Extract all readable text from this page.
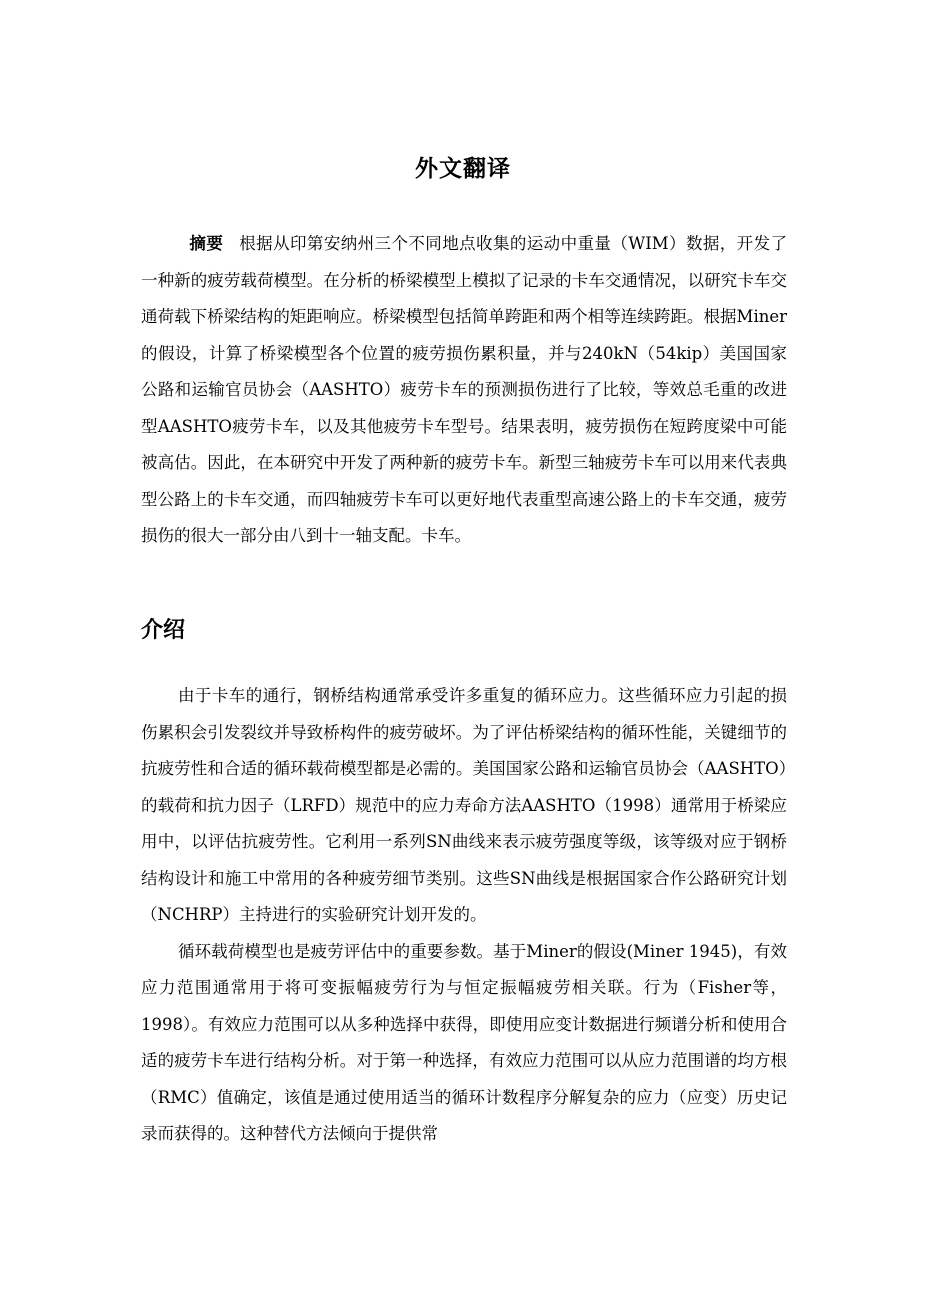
外文翻译
摘要 根据从印第安纳州三个不同地点收集的运动中重量（WIM）数据，开发了一种新的疲劳载荷模型。在分析的桥梁模型上模拟了记录的卡车交通情况，以研究卡车交通荷载下桥梁结构的矩距响应。桥梁模型包括简单跨距和两个相等连续跨距。根据Miner的假设，计算了桥梁模型各个位置的疲劳损伤累积量，并与240kN（54kip）美国国家公路和运输官员协会（AASHTO）疲劳卡车的预测损伤进行了比较，等效总毛重的改进型AASHTO疲劳卡车，以及其他疲劳卡车型号。结果表明，疲劳损伤在短跨度梁中可能被高估。因此，在本研究中开发了两种新的疲劳卡车。新型三轴疲劳卡车可以用来代表典型公路上的卡车交通，而四轴疲劳卡车可以更好地代表重型高速公路上的卡车交通，疲劳损伤的很大一部分由八到十一轴支配。卡车。
介绍

由于卡车的通行，钢桥结构通常承受许多重复的循环应力。这些循环应力引起的损伤累积会引发裂纹并导致桥构件的疲劳破坏。为了评估桥梁结构的循环性能，关键细节的抗疲劳性和合适的循环载荷模型都是必需的。美国国家公路和运输官员协会（AASHTO）的载荷和抗力因子（LRFD）规范中的应力寿命方法AASHTO（1998）通常用于桥梁应用中，以评估抗疲劳性。它利用一系列SN曲线来表示疲劳强度等级，该等级对应于钢桥结构设计和施工中常用的各种疲劳细节类别。这些SN曲线是根据国家合作公路研究计划（NCHRP）主持进行的实验研究计划开发的。

循环载荷模型也是疲劳评估中的重要参数。基于Miner的假设(Miner 1945)，有效应力范围通常用于将可变振幅疲劳行为与恒定振幅疲劳相关联。行为（Fisher等，1998）。有效应力范围可以从多种选择中获得，即使用应变计数据进行频谱分析和使用合适的疲劳卡车进行结构分析。对于第一种选择，有效应力范围可以从应力范围谱的均方根（RMC）值确定，该值是通过使用适当的循环计数程序分解复杂的应力（应变）历史记录而获得的。这种替代方法倾向于提供常
